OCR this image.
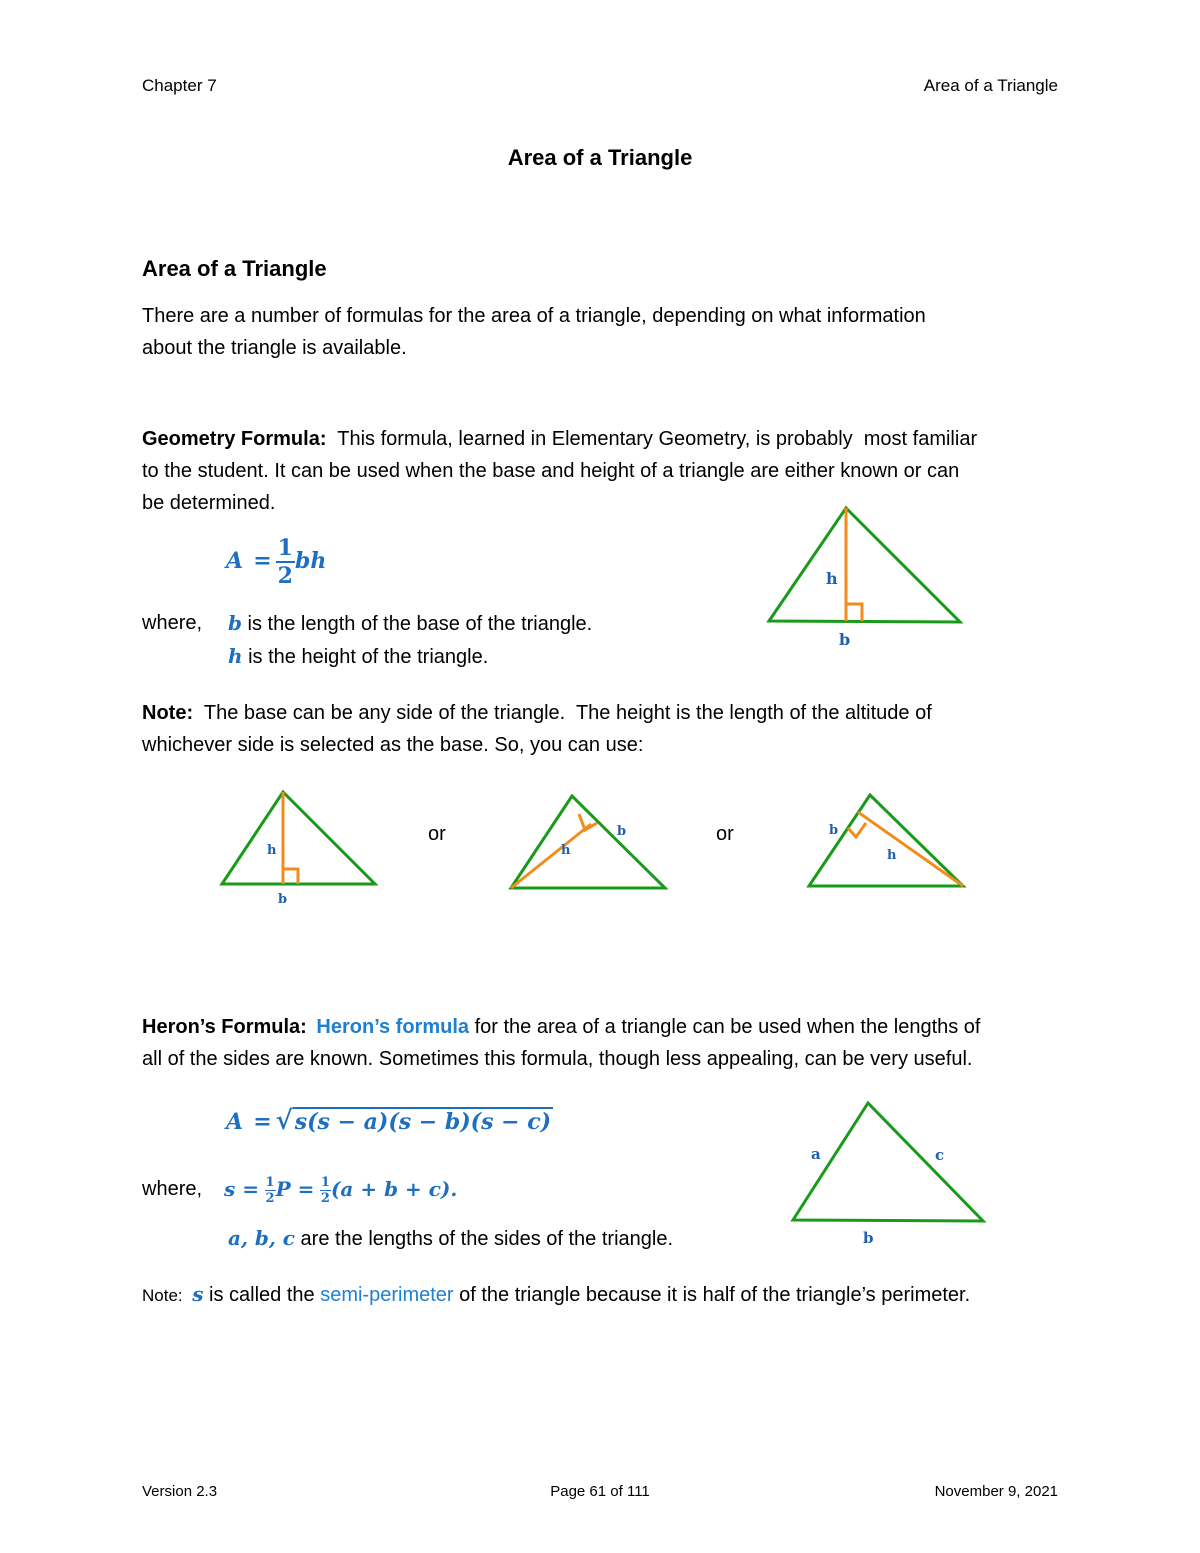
Chapter 7	Area of a Triangle
Area of a Triangle
Area of a Triangle
There are a number of formulas for the area of a triangle, depending on what information
about the triangle is available.
Geometry Formula:  This formula, learned in Elementary Geometry, is probably  most familiar
to the student. It can be used when the base and height of a triangle are either known or can
be determined.
$A = \frac{1}{2}$ bh
where, b is the length of the base of the triangle.
h is the height of the triangle.
h
b
Note:  The base can be any side of the triangle.  The height is the length of the altitude of
whichever side is selected as the base. So, you can use:
h
b
or
h
b	or	b
h
Heron’s Formula: Heron’s formula for the area of a triangle can be used when the lengths of
all of the sides are known. Sometimes this formula, though less appealing, can be very useful.
A = √s(s − a)(s − b)(s − c)
where, $s = \frac{1}{2}$ $P = \frac{1}{2} (a + b + c)$.
a, b, c are the lengths of the sides of the triangle.
a	c
b
Note: s is called the semi-perimeter of the triangle because it is half of the triangle’s perimeter.
Version 2.3	Page 61 of 111	November 9, 2021
